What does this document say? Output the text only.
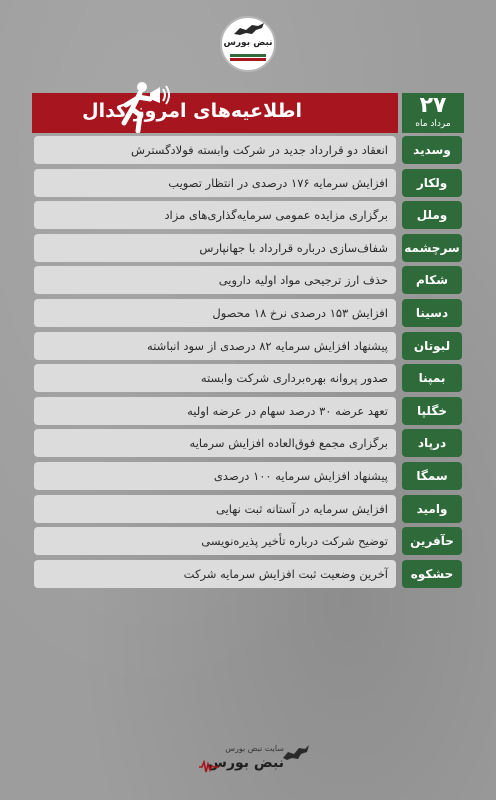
نبض بورس
اطلاعیه‌های امروز کدال	۲۷
مرداد ماه
انعقاد دو قرارداد جدید در شرکت وابسته فولادگسترش	وسدید
افزایش سرمایه ۱۷۶ درصدی در انتظار تصویب	ولکار
برگزاری مزایده عمومی سرمایه‌گذاری‌های مزاد	وملل
شفاف‌سازی درباره قرارداد با جهانپارس	سرچشمه
حذف ارز ترجیحی مواد اولیه دارویی	شکام
افزایش ۱۵۳ درصدی نرخ ۱۸ محصول	دسینا
پیشنهاد افزایش سرمایه ۸۲ درصدی از سود انباشته	لبوتان
صدور پروانه بهره‌برداری شرکت وابسته	بمپنا
تعهد عرضه ۳۰ درصد سهام در عرضه اولیه	خگلپا
برگزاری مجمع فوق‌العاده افزایش سرمایه	درپاد
پیشنهاد افزایش سرمایه ۱۰۰ درصدی	سمگا
افزایش سرمایه در آستانه ثبت نهایی	وامید
توضیح شرکت درباره تأخیر پذیره‌نویسی	حآفرین
آخرین وضعیت ثبت افزایش سرمایه شرکت	حشکوه
سایت نبض بورس
نبض بورس
